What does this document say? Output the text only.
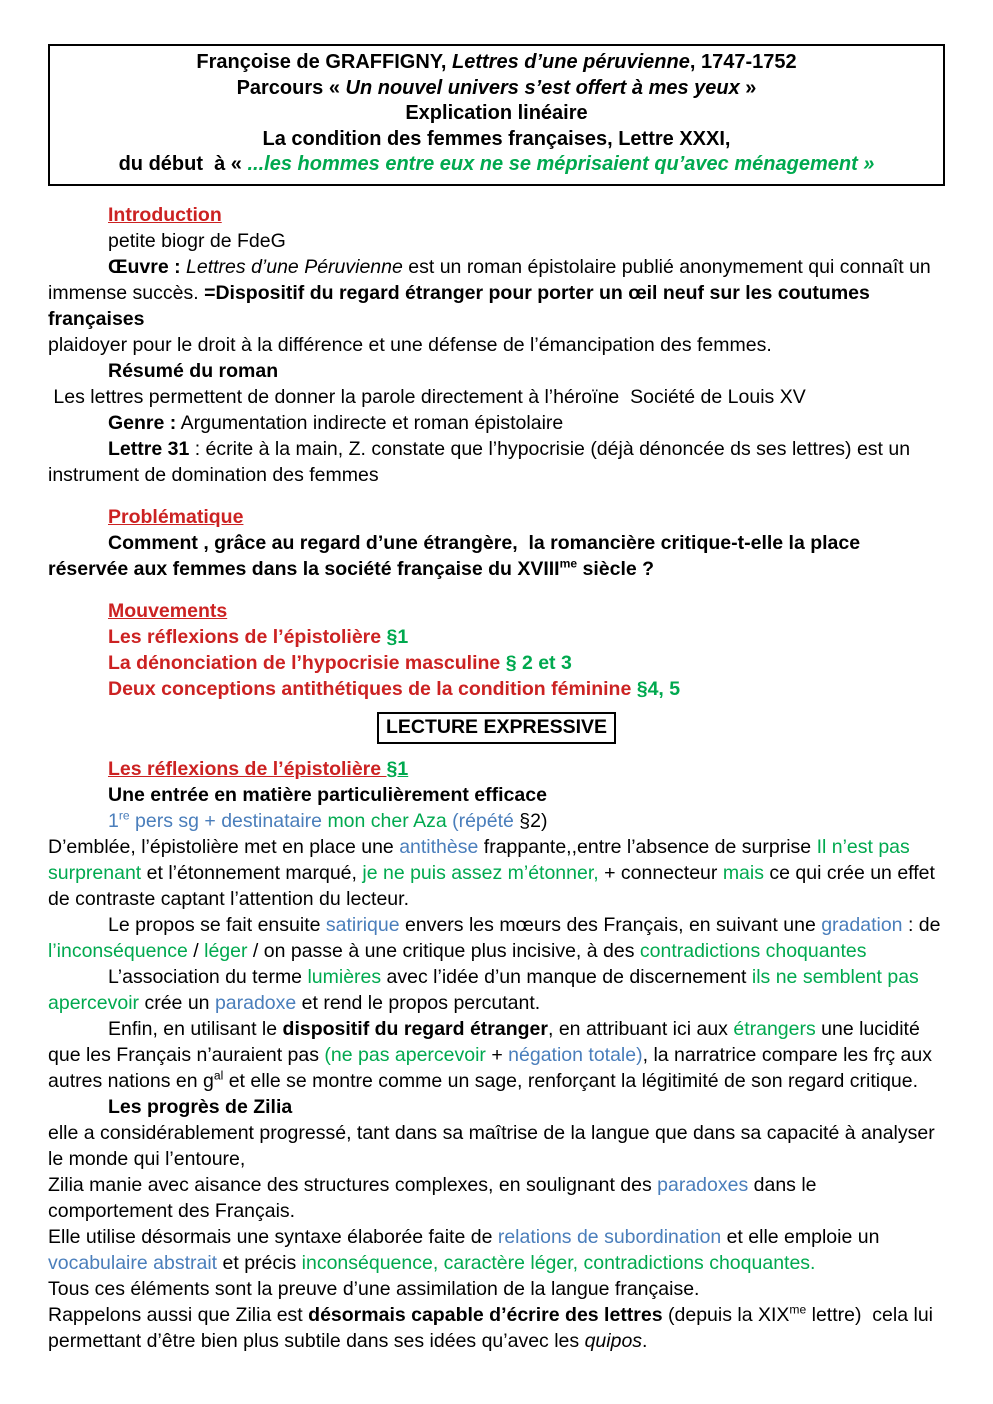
Françoise de GRAFFIGNY, Lettres d’une péruvienne, 1747-1752
Parcours « Un nouvel univers s’est offert à mes yeux »
Explication linéaire
La condition des femmes françaises, Lettre XXXI,
du début  à « ...les hommes entre eux ne se méprisaient qu’avec ménagement »

Introduction

petite biogr de FdeG

Œuvre : Lettres d’une Péruvienne est un roman épistolaire publié anonymement qui connaît un immense succès. =Dispositif du regard étranger pour porter un œil neuf sur les coutumes françaises

plaidoyer pour le droit à la différence et une défense de l’émancipation des femmes.

Résumé du roman

Les lettres permettent de donner la parole directement à l’héroïne  Société de Louis XV

Genre : Argumentation indirecte et roman épistolaire

Lettre 31 : écrite à la main, Z. constate que l’hypocrisie (déjà dénoncée ds ses lettres) est un instrument de domination des femmes

Problématique

Comment , grâce au regard d’une étrangère,  la romancière critique-t-elle la place réservée aux femmes dans la société française du $XVIII^{me}$ siècle ?

Mouvements

Les réflexions de l’épistolière §1

La dénonciation de l’hypocrisie masculine § 2 et 3

Deux conceptions antithétiques de la condition féminine §4, 5

LECTURE EXPRESSIVE

Les réflexions de l’épistolière §1

Une entrée en matière particulièrement efficace

1re pers sg + destinataire mon cher Aza (répété §2)

D’emblée, l’épistolière met en place une antithèse frappante,,entre l’absence de surprise Il n’est pas surprenant et l’étonnement marqué, je ne puis assez m’étonner, + connecteur mais ce qui crée un effet de contraste captant l’attention du lecteur.

Le propos se fait ensuite satirique envers les mœurs des Français, en suivant une gradation : de l’inconséquence / léger / on passe à une critique plus incisive, à des contradictions choquantes

L’association du terme lumières avec l’idée d’un manque de discernement ils ne semblent pas apercevoir crée un paradoxe et rend le propos percutant.

Enfin, en utilisant le dispositif du regard étranger, en attribuant ici aux étrangers une lucidité que les Français n’auraient pas (ne pas apercevoir + négation totale), la narratrice compare les frç aux autres nations en $g^{al}$ et elle se montre comme un sage, renforçant la légitimité de son regard critique.

Les progrès de Zilia

elle a considérablement progressé, tant dans sa maîtrise de la langue que dans sa capacité à analyser le monde qui l’entoure,

Zilia manie avec aisance des structures complexes, en soulignant des paradoxes dans le comportement des Français.

Elle utilise désormais une syntaxe élaborée faite de relations de subordination et elle emploie un vocabulaire abstrait et précis inconséquence, caractère léger, contradictions choquantes.

Tous ces éléments sont la preuve d’une assimilation de la langue française.

Rappelons aussi que Zilia est désormais capable d’écrire des lettres (depuis la $XIX^{me}$ lettre)  cela lui permettant d’être bien plus subtile dans ses idées qu’avec les quipos.
